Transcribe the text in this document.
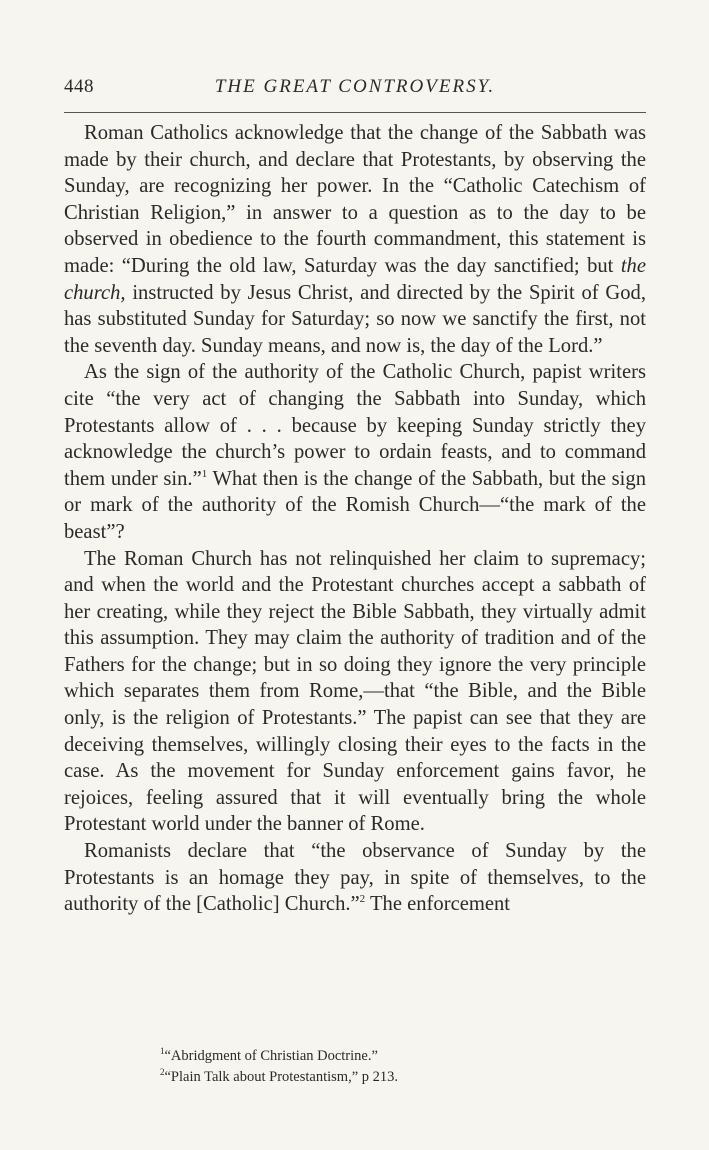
448	THE GREAT CONTROVERSY.

Roman Catholics acknowledge that the change of the Sabbath was made by their church, and declare that Protestants, by observing the Sunday, are recognizing her power. In the “Catholic Catechism of Christian Religion,” in answer to a question as to the day to be observed in obedience to the fourth commandment, this statement is made: “During the old law, Saturday was the day sanctified; but the church, instructed by Jesus Christ, and directed by the Spirit of God, has substituted Sunday for Saturday; so now we sanctify the first, not the seventh day. Sunday means, and now is, the day of the Lord.”

As the sign of the authority of the Catholic Church, papist writers cite “the very act of changing the Sabbath into Sunday, which Protestants allow of . . . because by keeping Sunday strictly they acknowledge the church’s power to ordain feasts, and to command them under sin.”$^1$ What then is the change of the Sabbath, but the sign or mark of the authority of the Romish Church—“the mark of the beast”?

The Roman Church has not relinquished her claim to supremacy; and when the world and the Protestant churches accept a sabbath of her creating, while they reject the Bible Sabbath, they virtually admit this assumption. They may claim the authority of tradition and of the Fathers for the change; but in so doing they ignore the very principle which separates them from Rome,—that “the Bible, and the Bible only, is the religion of Protestants.” The papist can see that they are deceiving themselves, willingly closing their eyes to the facts in the case. As the movement for Sunday enforcement gains favor, he rejoices, feeling assured that it will eventually bring the whole Protestant world under the banner of Rome.

Romanists declare that “the observance of Sunday by the Protestants is an homage they pay, in spite of themselves, to the authority of the [Catholic] Church.”$^2$ The enforcement

$^1$“Abridgment of Christian Doctrine.”
$^2$“Plain Talk about Protestantism,” p 213.
